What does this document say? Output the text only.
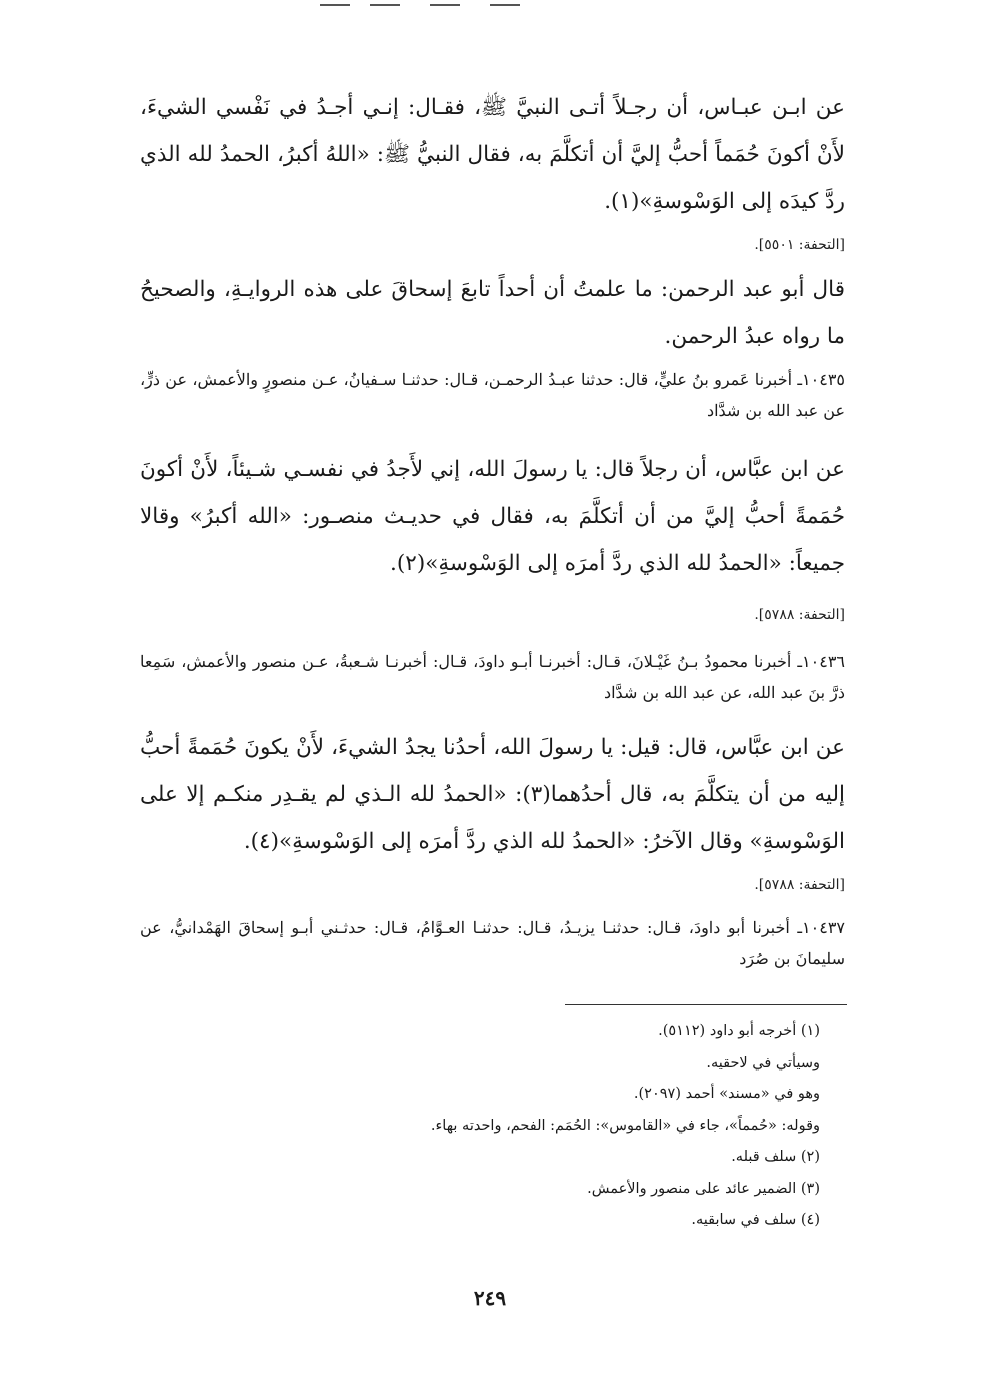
عن ابـن عبـاس، أن رجـلاً أتـى النبيَّ ﷺ، فقـال: إنـي أجـدُ في نَفْسي الشيءَ، لأَنْ أكونَ حُمَماً أحبُّ إليَّ أن أتكلَّمَ به، فقال النبيُّ ﷺ: «اللهُ أكبرُ، الحمدُ لله الذي ردَّ كيدَه إلى الوَسْوسةِ»(١).

[التحفة: ٥٥٠١].

قال أبو عبد الرحمن: ما علمتُ أن أحداً تابعَ إسحاقَ على هذه الروايـةِ، والصحيحُ ما رواه عبدُ الرحمن.

١٠٤٣٥ـ أخبرنا عَمرو بنُ عليٍّ، قال: حدثنا عبـدُ الرحمـن، قـال: حدثنـا سـفيانُ، عـن منصورٍ والأعمش، عن ذرٍّ، عن عبد الله بن شدَّاد

عن ابن عبَّاس، أن رجلاً قال: يا رسولَ الله، إني لأَجدُ في نفسـي شـيئاً، لأَنْ أكونَ حُمَمةً أحبُّ إليَّ من أن أتكلَّمَ به، فقال في حديـث منصـور: «الله أكبرُ» وقالا جميعاً: «الحمدُ لله الذي ردَّ أمرَه إلى الوَسْوسةِ»(٢).

[التحفة: ٥٧٨٨].

١٠٤٣٦ـ أخبرنا محمودُ بـنُ غَيْـلانَ، قـال: أخبرنـا أبـو داودَ، قـال: أخبرنـا شـعبةُ، عـن منصور والأعمش، سَمِعا ذرَّ بنَ عبد الله، عن عبد الله بن شدَّاد

عن ابن عبَّاس، قال: قيل: يا رسولَ الله، أحدُنا يجدُ الشيءَ، لأَنْ يكونَ حُمَمةً أحبُّ إليه من أن يتكلَّمَ به، قال أحدُهما(٣): «الحمدُ لله الـذي لم يقـدِر منكـم إلا على الوَسْوسةِ» وقال الآخرُ: «الحمدُ لله الذي ردَّ أمرَه إلى الوَسْوسةِ»(٤).

[التحفة: ٥٧٨٨].

١٠٤٣٧ـ أخبرنا أبو داودَ، قـال: حدثنـا يزيـدُ، قـال: حدثنـا العـوَّامُ، قـال: حدثـني أبـو إسحاقَ الهَمْدانيُّ، عن سليمانَ بن صُرَد

(١) أخرجه أبو داود (٥١١٢).

وسيأتي في لاحقيه.

وهو في «مسند» أحمد (٢٠٩٧).

وقوله: «حُمماً»، جاء في «القاموس»: الحُمَم: الفحم، واحدته بهاء.

(٢) سلف قبله.

(٣) الضمير عائد على منصور والأعمش.

(٤) سلف في سابقيه.

٢٤٩
